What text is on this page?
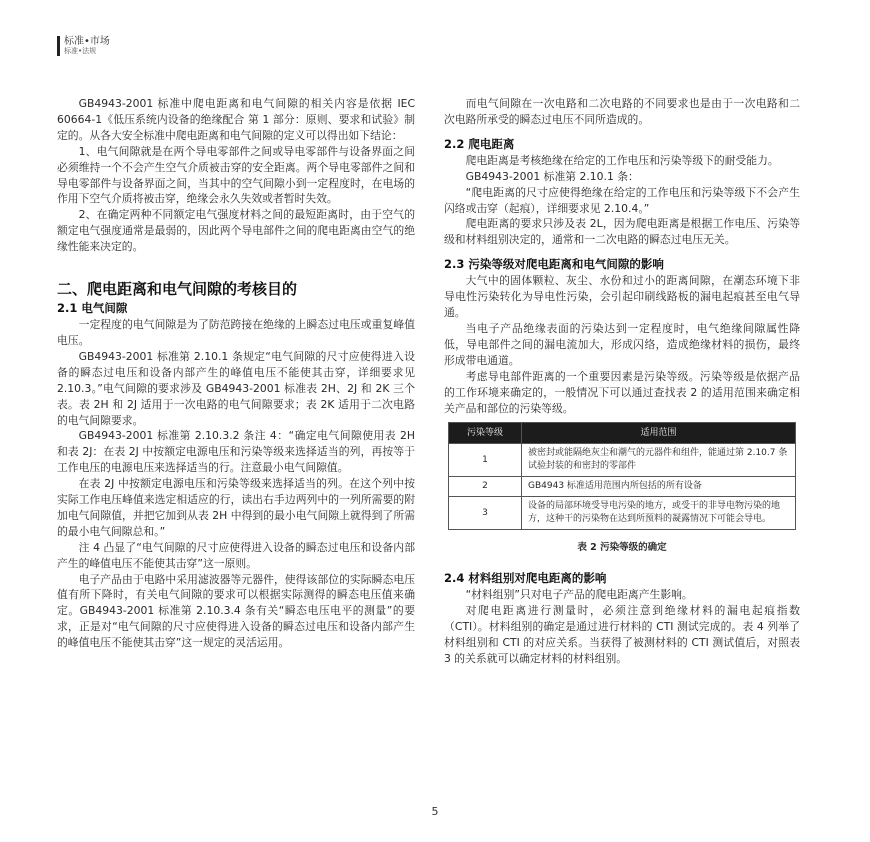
标准•市场
标准•法规

GB4943-2001 标准中爬电距离和电气间隙的相关内容是依据 IEC 60664-1《低压系统内设备的绝缘配合 第 1 部分：原则、要求和试验》制定的。从各大安全标准中爬电距离和电气间隙的定义可以得出如下结论：

1、电气间隙就是在两个导电零部件之间或导电零部件与设备界面之间必须维持一个不会产生空气介质被击穿的安全距离。两个导电零部件之间和导电零部件与设备界面之间，当其中的空气间隙小到一定程度时，在电场的作用下空气介质将被击穿，绝缘会永久失效或者暂时失效。

2、在确定两种不同额定电气强度材料之间的最短距离时，由于空气的额定电气强度通常是最弱的，因此两个导电部件之间的爬电距离由空气的绝缘性能来决定的。

二、爬电距离和电气间隙的考核目的
2.1 电气间隙

一定程度的电气间隙是为了防范跨接在绝缘的上瞬态过电压或重复峰值电压。

GB4943-2001 标准第 2.10.1 条规定“电气间隙的尺寸应使得进入设备的瞬态过电压和设备内部产生的峰值电压不能使其击穿，详细要求见 2.10.3。”电气间隙的要求涉及 GB4943-2001 标准表 2H、2J 和 2K 三个表。表 2H 和 2J 适用于一次电路的电气间隙要求；表 2K 适用于二次电路的电气间隙要求。

GB4943-2001 标准第 2.10.3.2 条注 4：“确定电气间隙使用表 2H 和表 2J：在表 2J 中按额定电源电压和污染等级来选择适当的列，再按等于工作电压的电源电压来选择适当的行。注意最小电气间隙值。

在表 2J 中按额定电源电压和污染等级来选择适当的列。在这个列中按实际工作电压峰值来选定相适应的行，读出右手边两列中的一列所需要的附加电气间隙值，并把它加到从表 2H 中得到的最小电气间隙上就得到了所需的最小电气间隙总和。”

注 4 凸显了“电气间隙的尺寸应使得进入设备的瞬态过电压和设备内部产生的峰值电压不能使其击穿”这一原则。

电子产品由于电路中采用滤波器等元器件，使得该部位的实际瞬态电压值有所下降时，有关电气间隙的要求可以根据实际测得的瞬态电压值来确定。GB4943-2001 标准第 2.10.3.4 条有关“瞬态电压电平的测量”的要求，正是对“电气间隙的尺寸应使得进入设备的瞬态过电压和设备内部产生的峰值电压不能使其击穿”这一规定的灵活运用。

而电气间隙在一次电路和二次电路的不同要求也是由于一次电路和二次电路所承受的瞬态过电压不同所造成的。

2.2 爬电距离

爬电距离是考核绝缘在给定的工作电压和污染等级下的耐受能力。

GB4943-2001 标准第 2.10.1 条：

“爬电距离的尺寸应使得绝缘在给定的工作电压和污染等级下不会产生闪络或击穿（起痕），详细要求见 2.10.4。”

爬电距离的要求只涉及表 2L，因为爬电距离是根据工作电压、污染等级和材料组别决定的，通常和一二次电路的瞬态过电压无关。

2.3 污染等级对爬电距离和电气间隙的影响

大气中的固体颗粒、灰尘、水份和过小的距离间隙，在潮态环境下非导电性污染转化为导电性污染，会引起印刷线路板的漏电起痕甚至电气导通。

当电子产品绝缘表面的污染达到一定程度时，电气绝缘间隙属性降低，导电部件之间的漏电流加大，形成闪络，造成绝缘材料的损伤，最终形成带电通道。

考虑导电部件距离的一个重要因素是污染等级。污染等级是依据产品的工作环境来确定的，一般情况下可以通过查找表 2 的适用范围来确定相关产品和部位的污染等级。

污染等级	适用范围
1	被密封或能隔绝灰尘和潮气的元器件和组件，能通过第 2.10.7 条试验封装的和密封的零部件
2	GB4943 标准适用范围内所包括的所有设备
3	设备的局部环境受导电污染的地方，或受干的非导电物污染的地方，这种干的污染物在达到所预料的凝露情况下可能会导电。
表 2 污染等级的确定
2.4 材料组别对爬电距离的影响

“材料组别”只对电子产品的爬电距离产生影响。

对爬电距离进行测量时，必须注意到绝缘材料的漏电起痕指数（CTI）。材料组别的确定是通过进行材料的 CTI 测试完成的。表 4 列举了材料组别和 CTI 的对应关系。当获得了被测材料的 CTI 测试值后，对照表 3 的关系就可以确定材料的材料组别。

5
